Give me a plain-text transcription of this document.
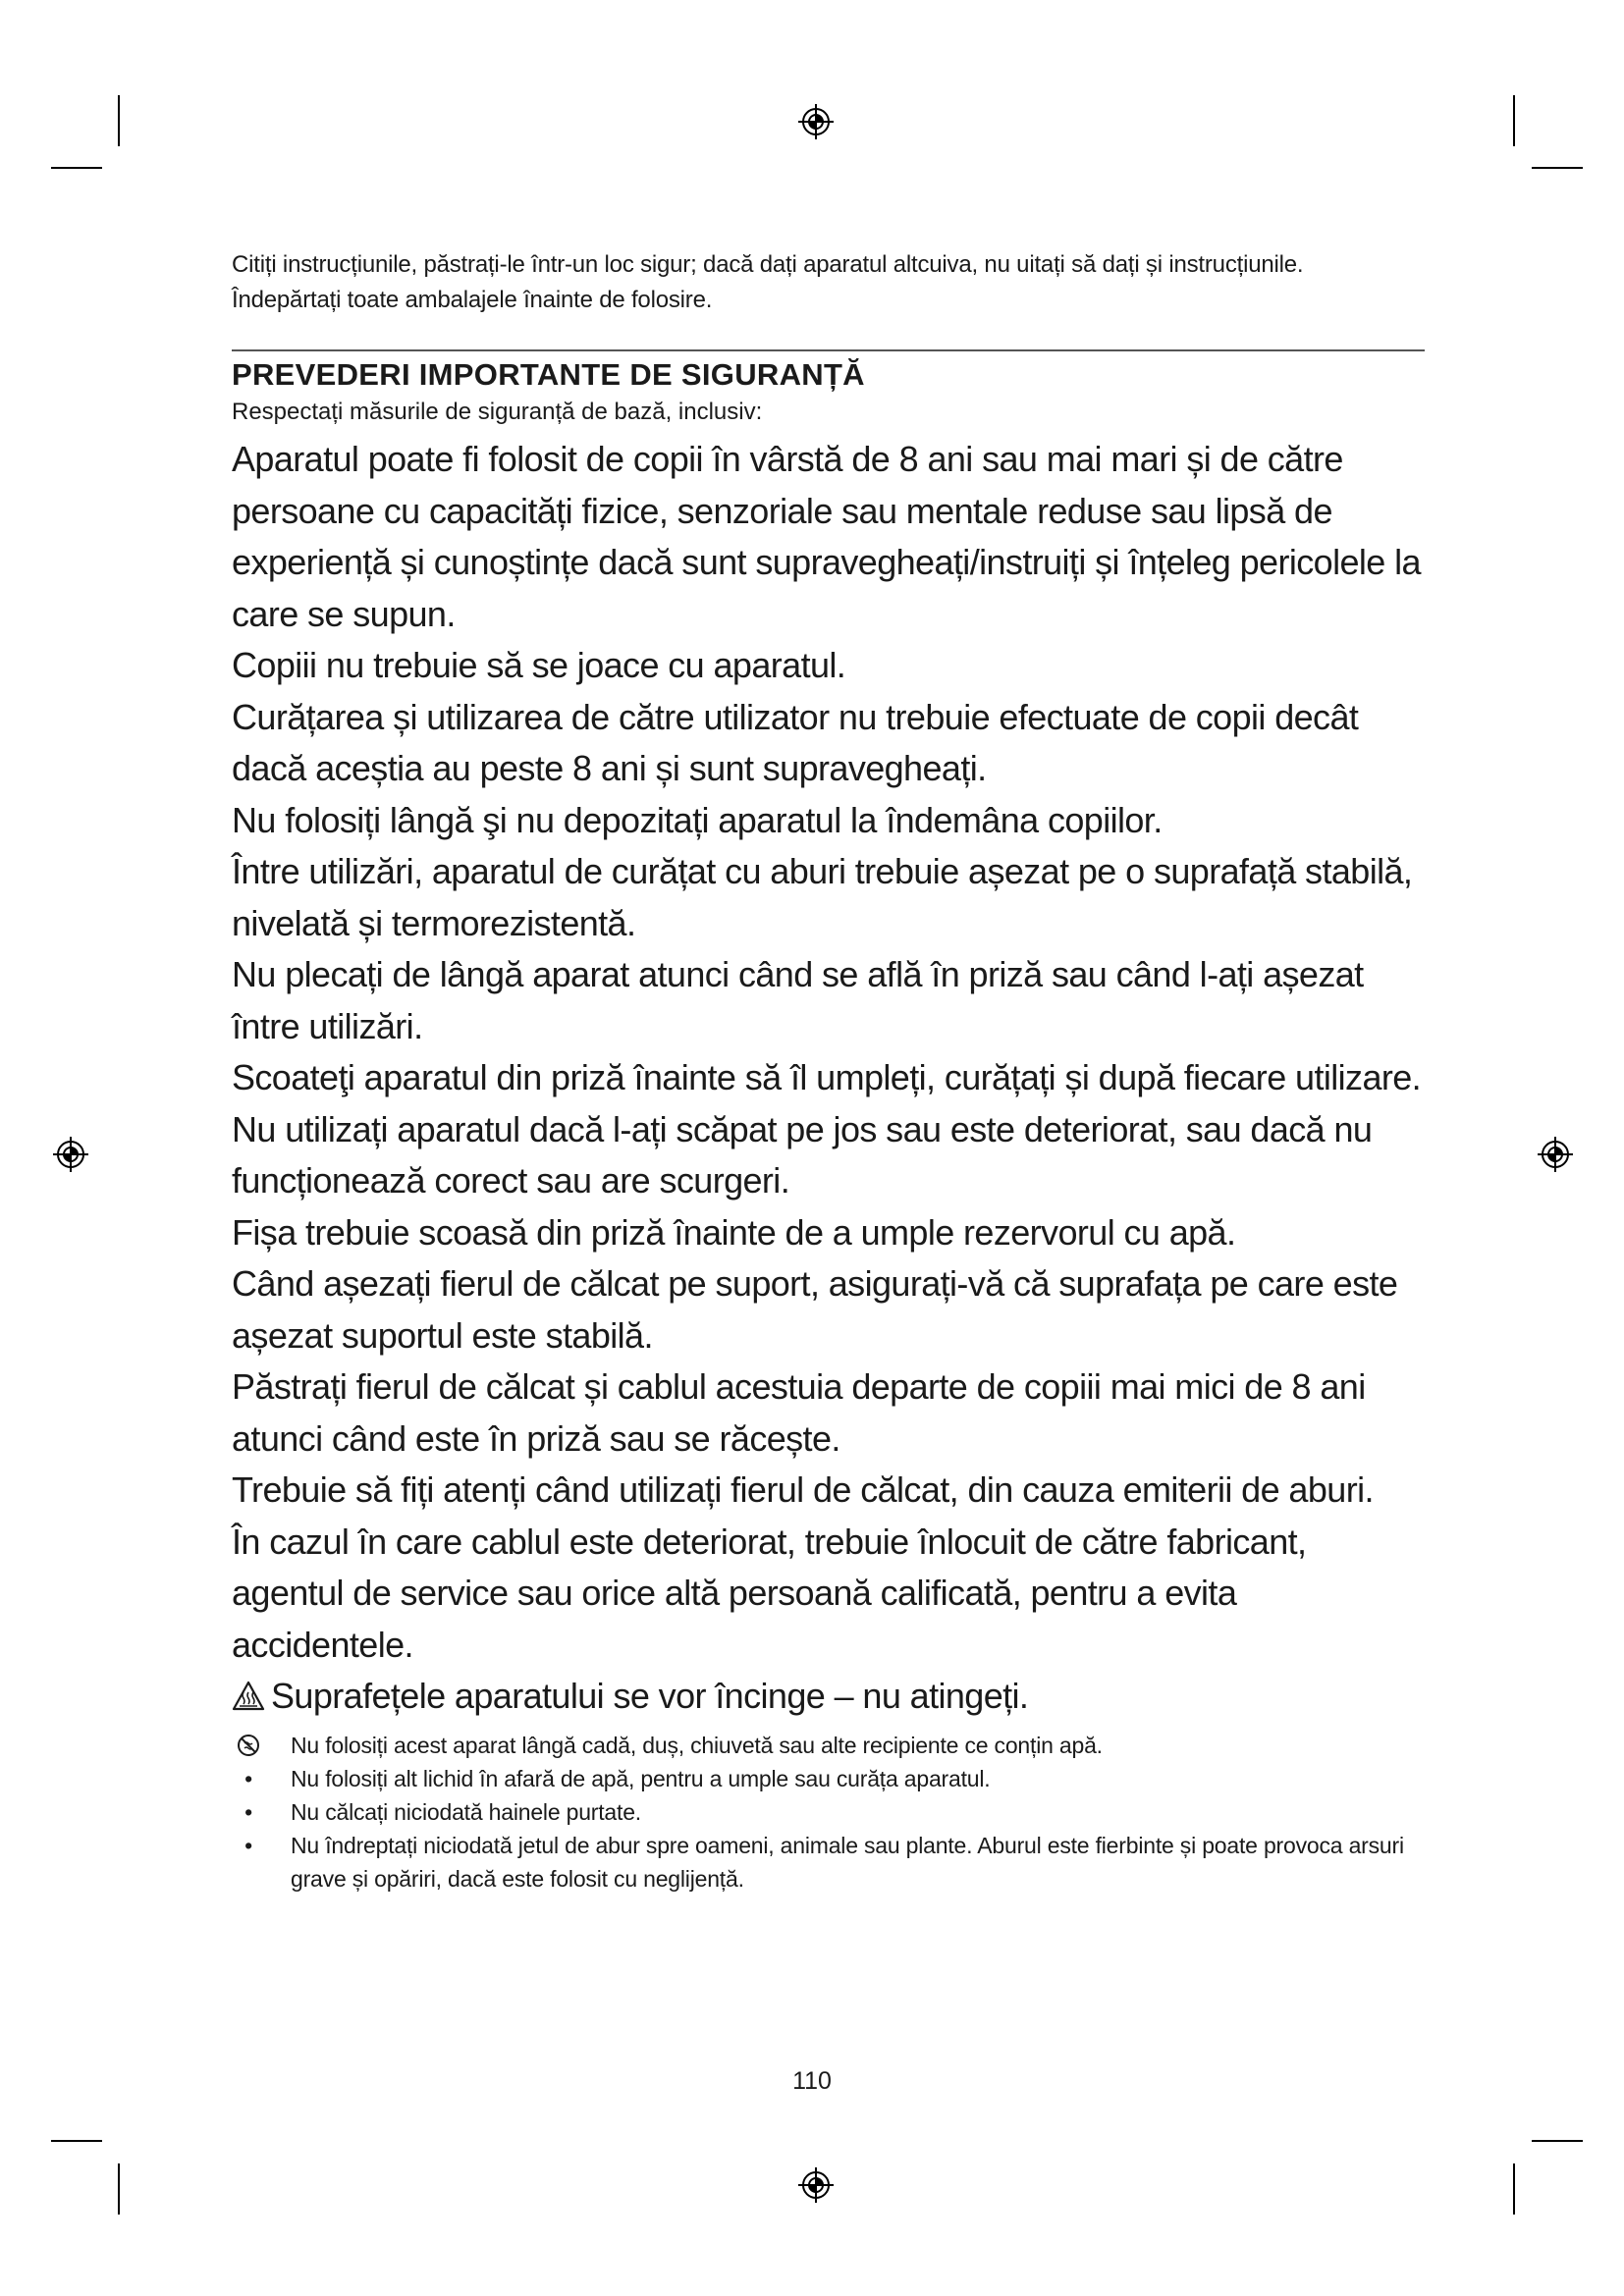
Citiți instrucțiunile, păstrați-le într-un loc sigur; dacă dați aparatul altcuiva, nu uitați să dați și instrucțiunile.

Îndepărtați toate ambalajele înainte de folosire.

PREVEDERI IMPORTANTE DE SIGURANȚĂ

Respectați măsurile de siguranță de bază, inclusiv:

Aparatul poate fi folosit de copii în vârstă de 8 ani sau mai mari și de către persoane cu capacități fizice, senzoriale sau mentale reduse sau lipsă de experiență și cunoștințe dacă sunt supravegheați/instruiți și înțeleg pericolele la care se supun.

Copiii nu trebuie să se joace cu aparatul.

Curățarea și utilizarea de către utilizator nu trebuie efectuate de copii decât dacă aceștia au peste 8 ani și sunt supravegheați.

Nu folosiți lângă şi nu depozitați aparatul la îndemâna copiilor.

Între utilizări, aparatul de curățat cu aburi trebuie așezat pe o suprafață stabilă, nivelată și termorezistentă.

Nu plecați de lângă aparat atunci când se află în priză sau când l-ați așezat între utilizări.

Scoateţi aparatul din priză înainte să îl umpleți, curățați și după fiecare utilizare.

Nu utilizați aparatul dacă l-ați scăpat pe jos sau este deteriorat, sau dacă nu funcționează corect sau are scurgeri.

Fișa trebuie scoasă din priză înainte de a umple rezervorul cu apă.

Când așezați fierul de călcat pe suport, asigurați-vă că suprafața pe care este așezat suportul este stabilă.

Păstrați fierul de călcat și cablul acestuia departe de copiii mai mici de 8 ani atunci când este în priză sau se răcește.

Trebuie să fiți atenți când utilizați fierul de călcat, din cauza emiterii de aburi.

În cazul în care cablul este deteriorat, trebuie înlocuit de către fabricant, agentul de service sau orice altă persoană calificată, pentru a evita accidentele.

Suprafețele aparatului se vor încinge – nu atingeți.
Nu folosiți acest aparat lângă cadă, duș, chiuvetă sau alte recipiente ce conțin apă.
•	Nu folosiți alt lichid în afară de apă, pentru a umple sau curăța aparatul.
•	Nu călcați niciodată hainele purtate.
•	Nu îndreptați niciodată jetul de abur spre oameni, animale sau plante. Aburul este fierbinte și poate provoca arsuri grave și opăriri, dacă este folosit cu neglijență.
110
